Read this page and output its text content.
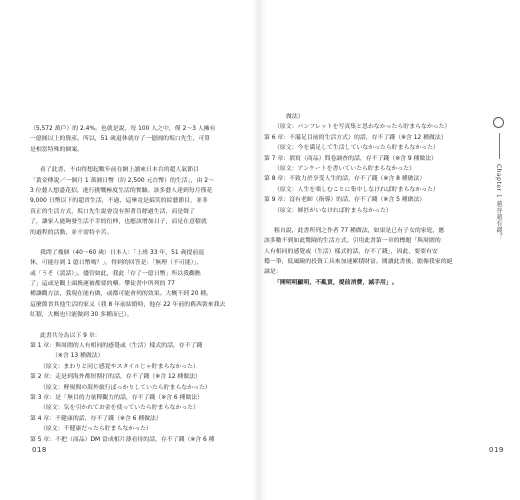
（5,572 萬戶）的 2.4%。也就是說，每 100 人之中，僅 2～3 人擁有
一億圓以上的資產。所以，51 歲退休就存了一億圓的坂口先生，可算
是相當特殊的個案。
看了此書，不由得想起數年前在網上讀來日本台的超人氣節目
「黃金傳說／一個月 1 萬圓日幣（約 2,500 元台幣）的生活」，由 2～
3 位藝人想盡花招，進行挑戰極度生活的實驗。該多藝人達到每月僅花
9,000 日幣以下的超省生活，不過，這畢竟是搞笑的綜藝節目，並非
真正的生活方式，坂口先生說會沒有照著肯餘過生活，而是聲了
了，讓家人能夠發生活不幸的衍伸，也應該增加日子，而是在意積就
的過程的活動，並不需特辛苦。
我問了幾個（40～60 歲）日本人：「上班 33 年，51 歲提前退
休，可能存到 1 億日幣嗎？」，得到的回答是：「無理（不可能）」、
或「うそ（謊話）」。儘管如此，我此「存了一億日幣」所以我觀瞧
了」這或是觀上頭換運被都要的藥。攀徒書中所列的 77
種讓觀方法，我現在能有做，或都可能會列的效果。大概不到 20 種。
這麼節省其他生活的家又（我 8 年前結婚時，他存 22 年前的舊西裝來我去
紅積，大概也只能做到 30 多種而已）。
此書共分為以下 9 章：
第 1 章：與周圍的人有相同的感覺或（生活）樣式的話，存不了錢
（※含 13 種做法）
（原文：まわりと同じ感覚やスタイルじゃ貯まらなかった）
第 2 章：走是到海外都短期打的話，存不了錢（※含 12 種做法）
（原文：軽規間の海外旅行ばっかりしていたら貯まらなかった）
第 3 章：是「無目的力量釋觀力的話，存不了錢（※含 6 種做法）
（原文：気を引かれてお金を使っていたら貯まらなかった）
第 4 章：不健康的話，存不了錢（※含 6 種做法）
（原文：不健康だったら貯まらなかった）
第 5 章：不把（商品）DM 當成相片薄看待的話，存不了錢（※含 6 種
018
做法）
（原文：パンフレットを写真集と思わなかったら貯まらなかった）
第 6 章：不滿足目前的生活方式）的話，存不了錢（※含 12 種做法）
（原文：今を満足して生活していなかったら貯まらなかった）
第 7 章：填寫（商品）問卷調查的話，存不了錢（※含 9 種做法）
（原文：アンケートを書いていたら貯まらなかった）
第 8 章：不致力於享受人生的話，存不了錢（※含 8 種做法）
（原文：人生を楽しむことに集中しなければ貯まらなかった）
第 9 章：沒有老師（指導）的話，存不了錢（※含 5 種做法）
（原文：師匠がいなければ貯まらなかった）
粗自說，此書所列之作者 77 種做法，如果是已有子女的家庭，應
該多數不到如此驚險的生活方式。引用此書第一章的標題「與周圍的
人有相同的感覺或（生活）樣式的話，存不了錢」，因此，要要有安
穩一筆，低風險的投資工具來加速累積財富。閱讀此書後，膽像我家的絕
論是：
「開明明顯明，不亂買，提前消費，減手用」。
Chapter 1 越存越有錢？
019
